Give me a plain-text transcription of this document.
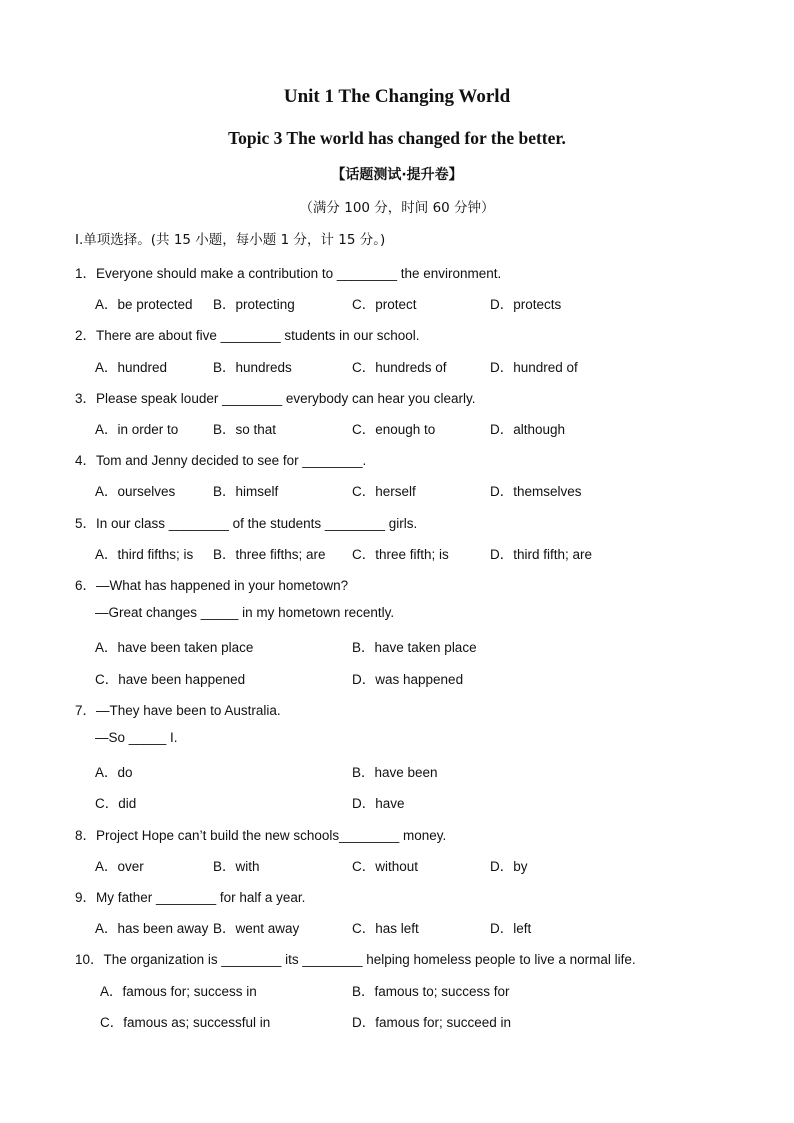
Unit 1 The Changing World
Topic 3 The world has changed for the better.
【话题测试·提升卷】
（满分 100 分，时间 60 分钟）
I.单项选择。(共 15 小题，每小题 1 分，计 15 分。)
1．Everyone should make a contribution to ________ the environment.
A．be protected B．protecting	C．protect	D．protects
2．There are about five ________ students in our school.
A．hundred	B．hundreds	C．hundreds of	D．hundred of
3．Please speak louder ________ everybody can hear you clearly.
A．in order to	B．so that	C．enough to	D．although
4．Tom and Jenny decided to see for ________.
A．ourselves	B．himself	C．herself	D．themselves
5．In our class ________ of the students ________ girls.
A．third fifths; is B．three fifths; are C．three fifth; is	D．third fifth; are
6．—What has happened in your hometown?
—Great changes _____ in my hometown recently.
A．have been taken place	B．have taken place
C．have been happened	D．was happened
7．—They have been to Australia.
—So _____ I.
A．do	B．have been
C．did	D．have
8．Project Hope can’t build the new schools________ money.
A．over	B．with	C．without	D．by
9．My father ________ for half a year.
A．has been away B．went away	C．has left	D．left
10．The organization is ________ its ________ helping homeless people to live a normal life.
A．famous for; success in	B．famous to; success for
C．famous as; successful in	D．famous for; succeed in
